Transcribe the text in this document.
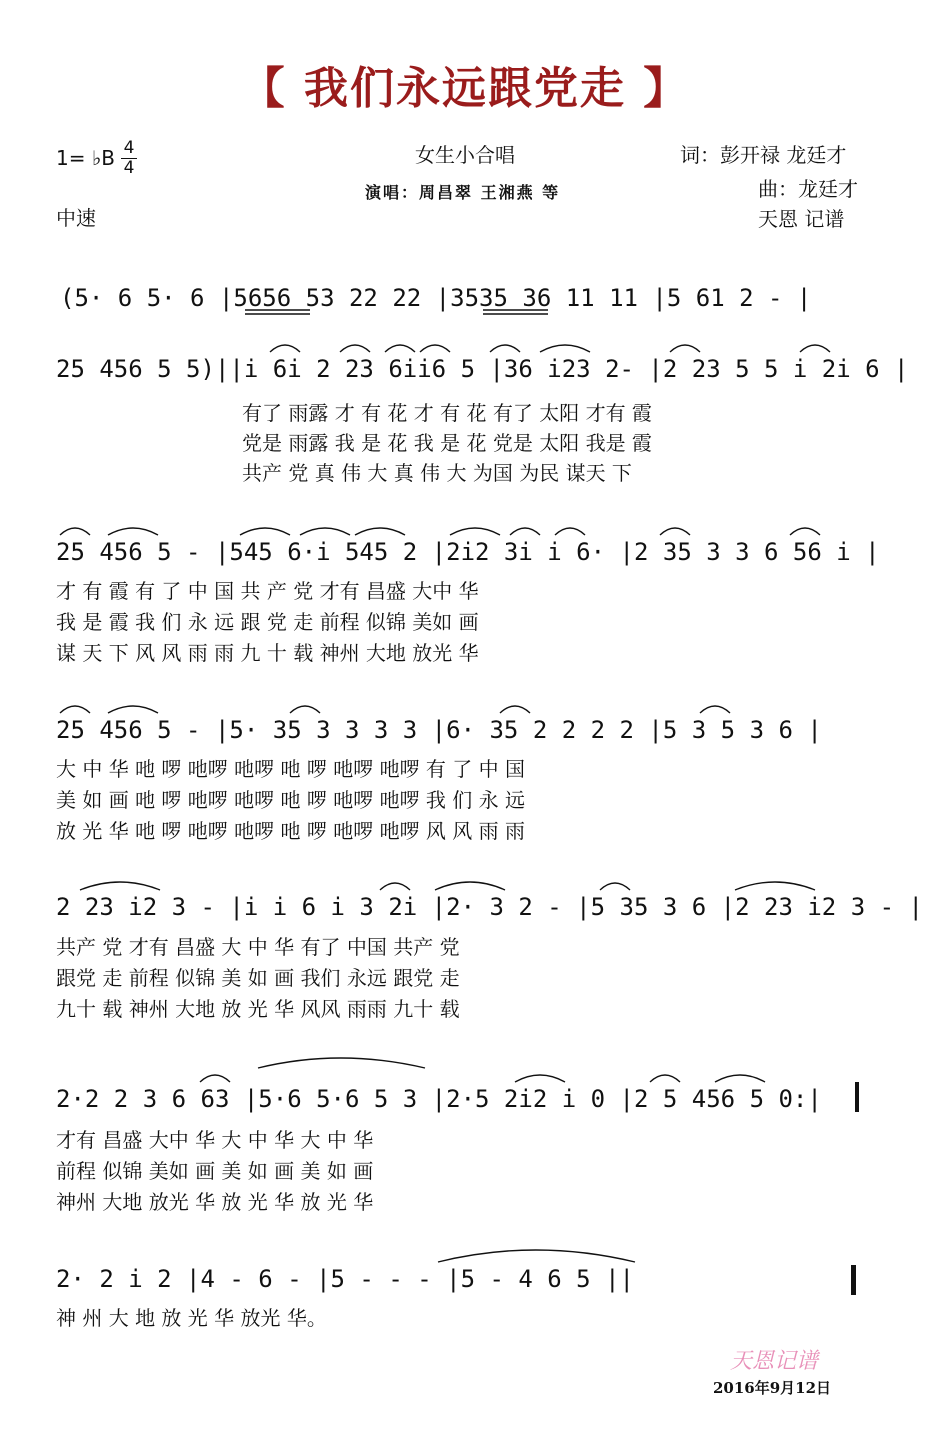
【 我们永远跟党走 】
1= ♭B 4
4
中速
女生小合唱
演唱：周昌翠 王湘燕 等
词：彭开禄 龙廷才
曲：龙廷才
天恩 记谱
(5· 6 5· 6 |5656 53 22 22 |3535 36 11 11 |5 61 2 - |
25 456 5 5)||i 6i 2 23 6ii6 5 |36 i23 2- |2 23 5 5 i 2i 6 |
有了 雨露 才 有 花 才 有 花 有了 太阳 才有 霞
党是 雨露 我 是 花 我 是 花 党是 太阳 我是 霞
共产 党 真 伟 大 真 伟 大 为国 为民 谋天 下
25 456 5 - |545 6·i 545 2 |2i2 3i i 6· |2 35 3 3 6 56 i |
才 有 霞 有 了 中 国 共 产 党 才有 昌盛 大中 华
我 是 霞 我 们 永 远 跟 党 走 前程 似锦 美如 画
谋 天 下 风 风 雨 雨 九 十 载 神州 大地 放光 华
25 456 5 - |5· 35 3 3 3 3 |6· 35 2 2 2 2 |5 3 5 3 6 |
大 中 华 吔 啰 吔啰 吔啰 吔 啰 吔啰 吔啰 有 了 中 国
美 如 画 吔 啰 吔啰 吔啰 吔 啰 吔啰 吔啰 我 们 永 远
放 光 华 吔 啰 吔啰 吔啰 吔 啰 吔啰 吔啰 风 风 雨 雨
2 23 i2 3 - |i i 6 i 3 2i |2· 3 2 - |5 35 3 6 |2 23 i2 3 - |
共产 党 才有 昌盛 大 中 华 有了 中国 共产 党
跟党 走 前程 似锦 美 如 画 我们 永远 跟党 走
九十 载 神州 大地 放 光 华 风风 雨雨 九十 载
2·2 2 3 6 63 |5·6 5·6 5 3 |2·5 2i2 i 0 |2 5 456 5 0:|
才有 昌盛 大中 华 大 中 华 大 中 华
前程 似锦 美如 画 美 如 画 美 如 画
神州 大地 放光 华 放 光 华 放 光 华
2· 2 i 2 |4 - 6 - |5 - - - |5 - 4 6 5 ||
神 州 大 地 放 光 华 放光 华。
天恩记谱
2016年9月12日
